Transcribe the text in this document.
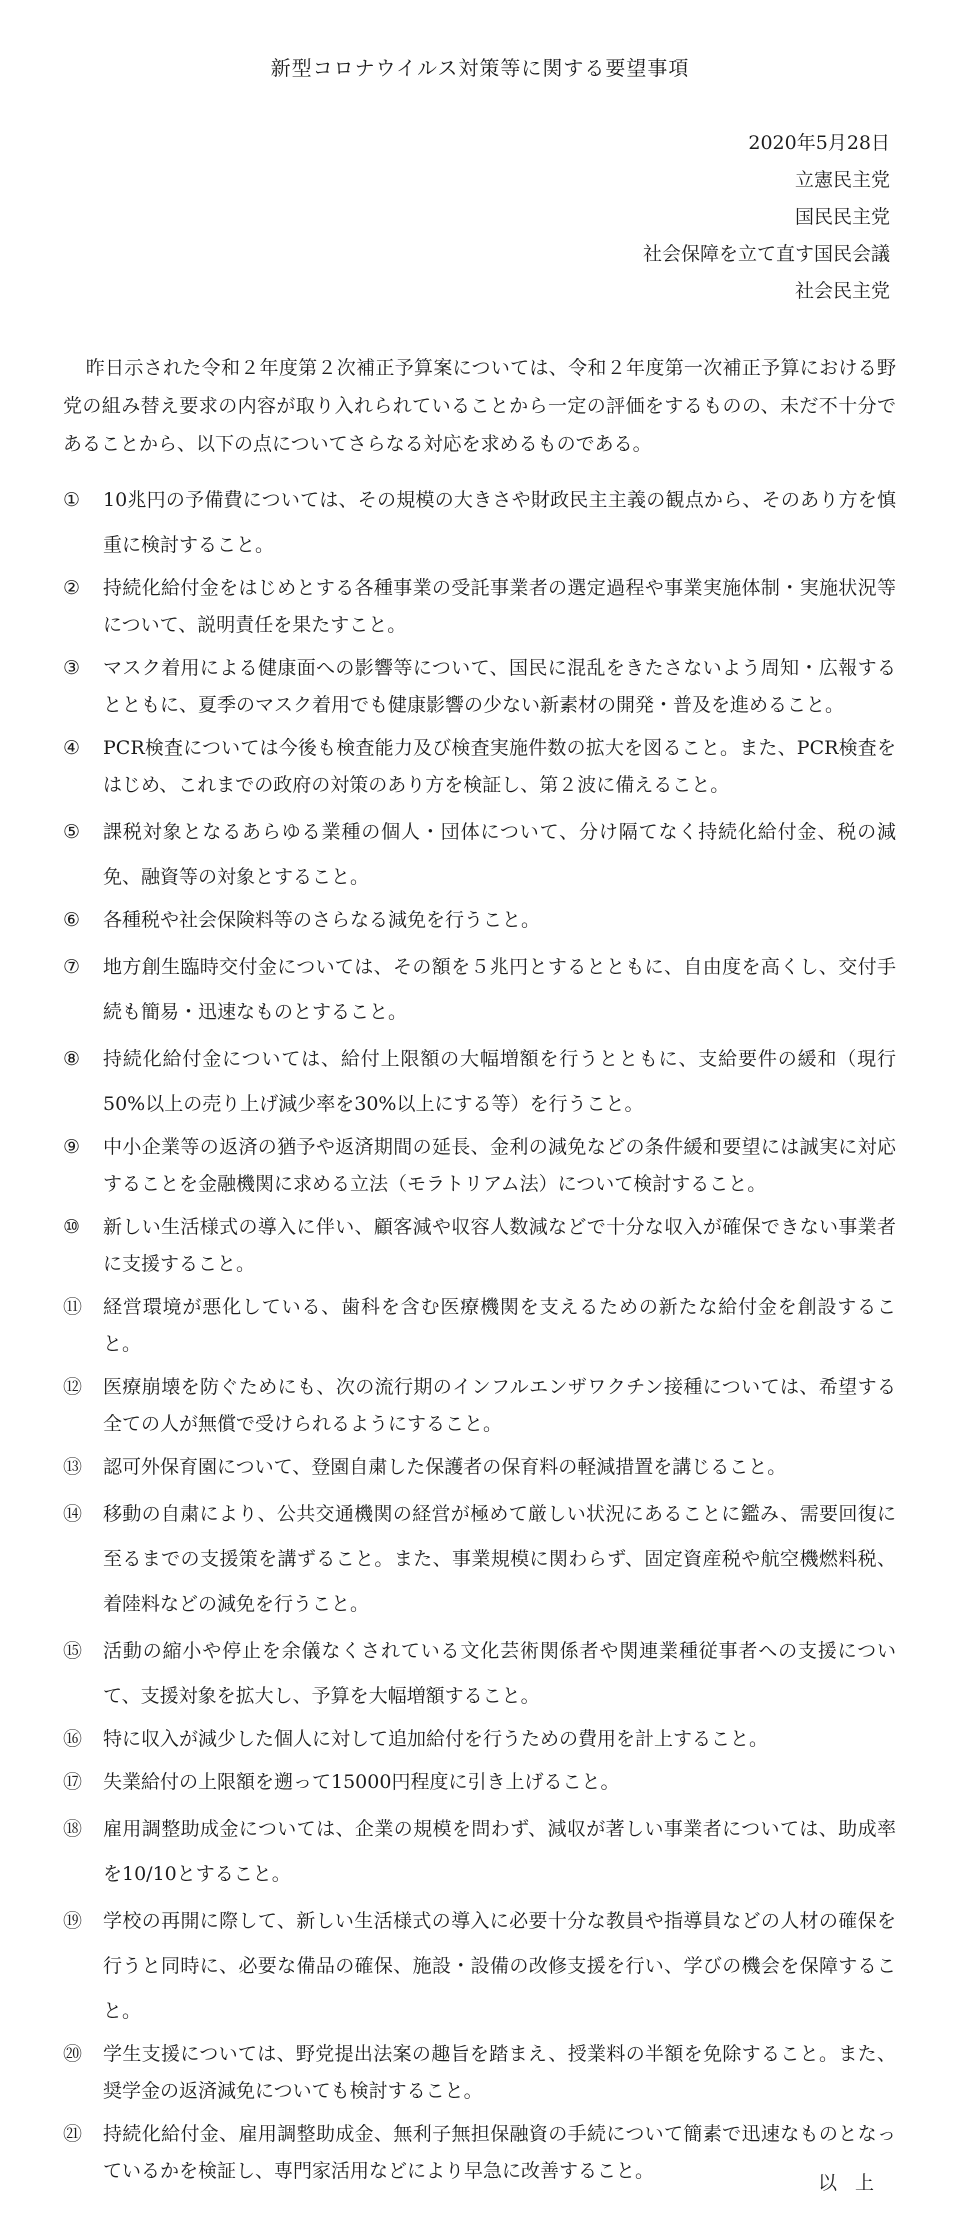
新型コロナウイルス対策等に関する要望事項
2020年5月28日
立憲民主党
国民民主党
社会保障を立て直す国民会議
社会民主党

昨日示された令和２年度第２次補正予算案については、令和２年度第一次補正予算における野党の組み替え要求の内容が取り入れられていることから一定の評価をするものの、未だ不十分であることから、以下の点についてさらなる対応を求めるものである。

①	10兆円の予備費については、その規模の大きさや財政民主主義の観点から、そのあり方を慎重に検討すること。
②	持続化給付金をはじめとする各種事業の受託事業者の選定過程や事業実施体制・実施状況等について、説明責任を果たすこと。
③	マスク着用による健康面への影響等について、国民に混乱をきたさないよう周知・広報するとともに、夏季のマスク着用でも健康影響の少ない新素材の開発・普及を進めること。
④	PCR検査については今後も検査能力及び検査実施件数の拡大を図ること。また、PCR検査をはじめ、これまでの政府の対策のあり方を検証し、第２波に備えること。
⑤	課税対象となるあらゆる業種の個人・団体について、分け隔てなく持続化給付金、税の減免、融資等の対象とすること。
⑥	各種税や社会保険料等のさらなる減免を行うこと。
⑦	地方創生臨時交付金については、その額を５兆円とするとともに、自由度を高くし、交付手続も簡易・迅速なものとすること。
⑧	持続化給付金については、給付上限額の大幅増額を行うとともに、支給要件の緩和（現行50%以上の売り上げ減少率を30%以上にする等）を行うこと。
⑨	中小企業等の返済の猶予や返済期間の延長、金利の減免などの条件緩和要望には誠実に対応することを金融機関に求める立法（モラトリアム法）について検討すること。
⑩	新しい生活様式の導入に伴い、顧客減や収容人数減などで十分な収入が確保できない事業者に支援すること。
⑪	経営環境が悪化している、歯科を含む医療機関を支えるための新たな給付金を創設すること。
⑫	医療崩壊を防ぐためにも、次の流行期のインフルエンザワクチン接種については、希望する全ての人が無償で受けられるようにすること。
⑬	認可外保育園について、登園自粛した保護者の保育料の軽減措置を講じること。
⑭	移動の自粛により、公共交通機関の経営が極めて厳しい状況にあることに鑑み、需要回復に至るまでの支援策を講ずること。また、事業規模に関わらず、固定資産税や航空機燃料税、着陸料などの減免を行うこと。
⑮	活動の縮小や停止を余儀なくされている文化芸術関係者や関連業種従事者への支援について、支援対象を拡大し、予算を大幅増額すること。
⑯	特に収入が減少した個人に対して追加給付を行うための費用を計上すること。
⑰	失業給付の上限額を遡って15000円程度に引き上げること。
⑱	雇用調整助成金については、企業の規模を問わず、減収が著しい事業者については、助成率を10/10とすること。
⑲	学校の再開に際して、新しい生活様式の導入に必要十分な教員や指導員などの人材の確保を行うと同時に、必要な備品の確保、施設・設備の改修支援を行い、学びの機会を保障すること。
⑳	学生支援については、野党提出法案の趣旨を踏まえ、授業料の半額を免除すること。また、奨学金の返済減免についても検討すること。
㉑	持続化給付金、雇用調整助成金、無利子無担保融資の手続について簡素で迅速なものとなっているかを検証し、専門家活用などにより早急に改善すること。
以上
